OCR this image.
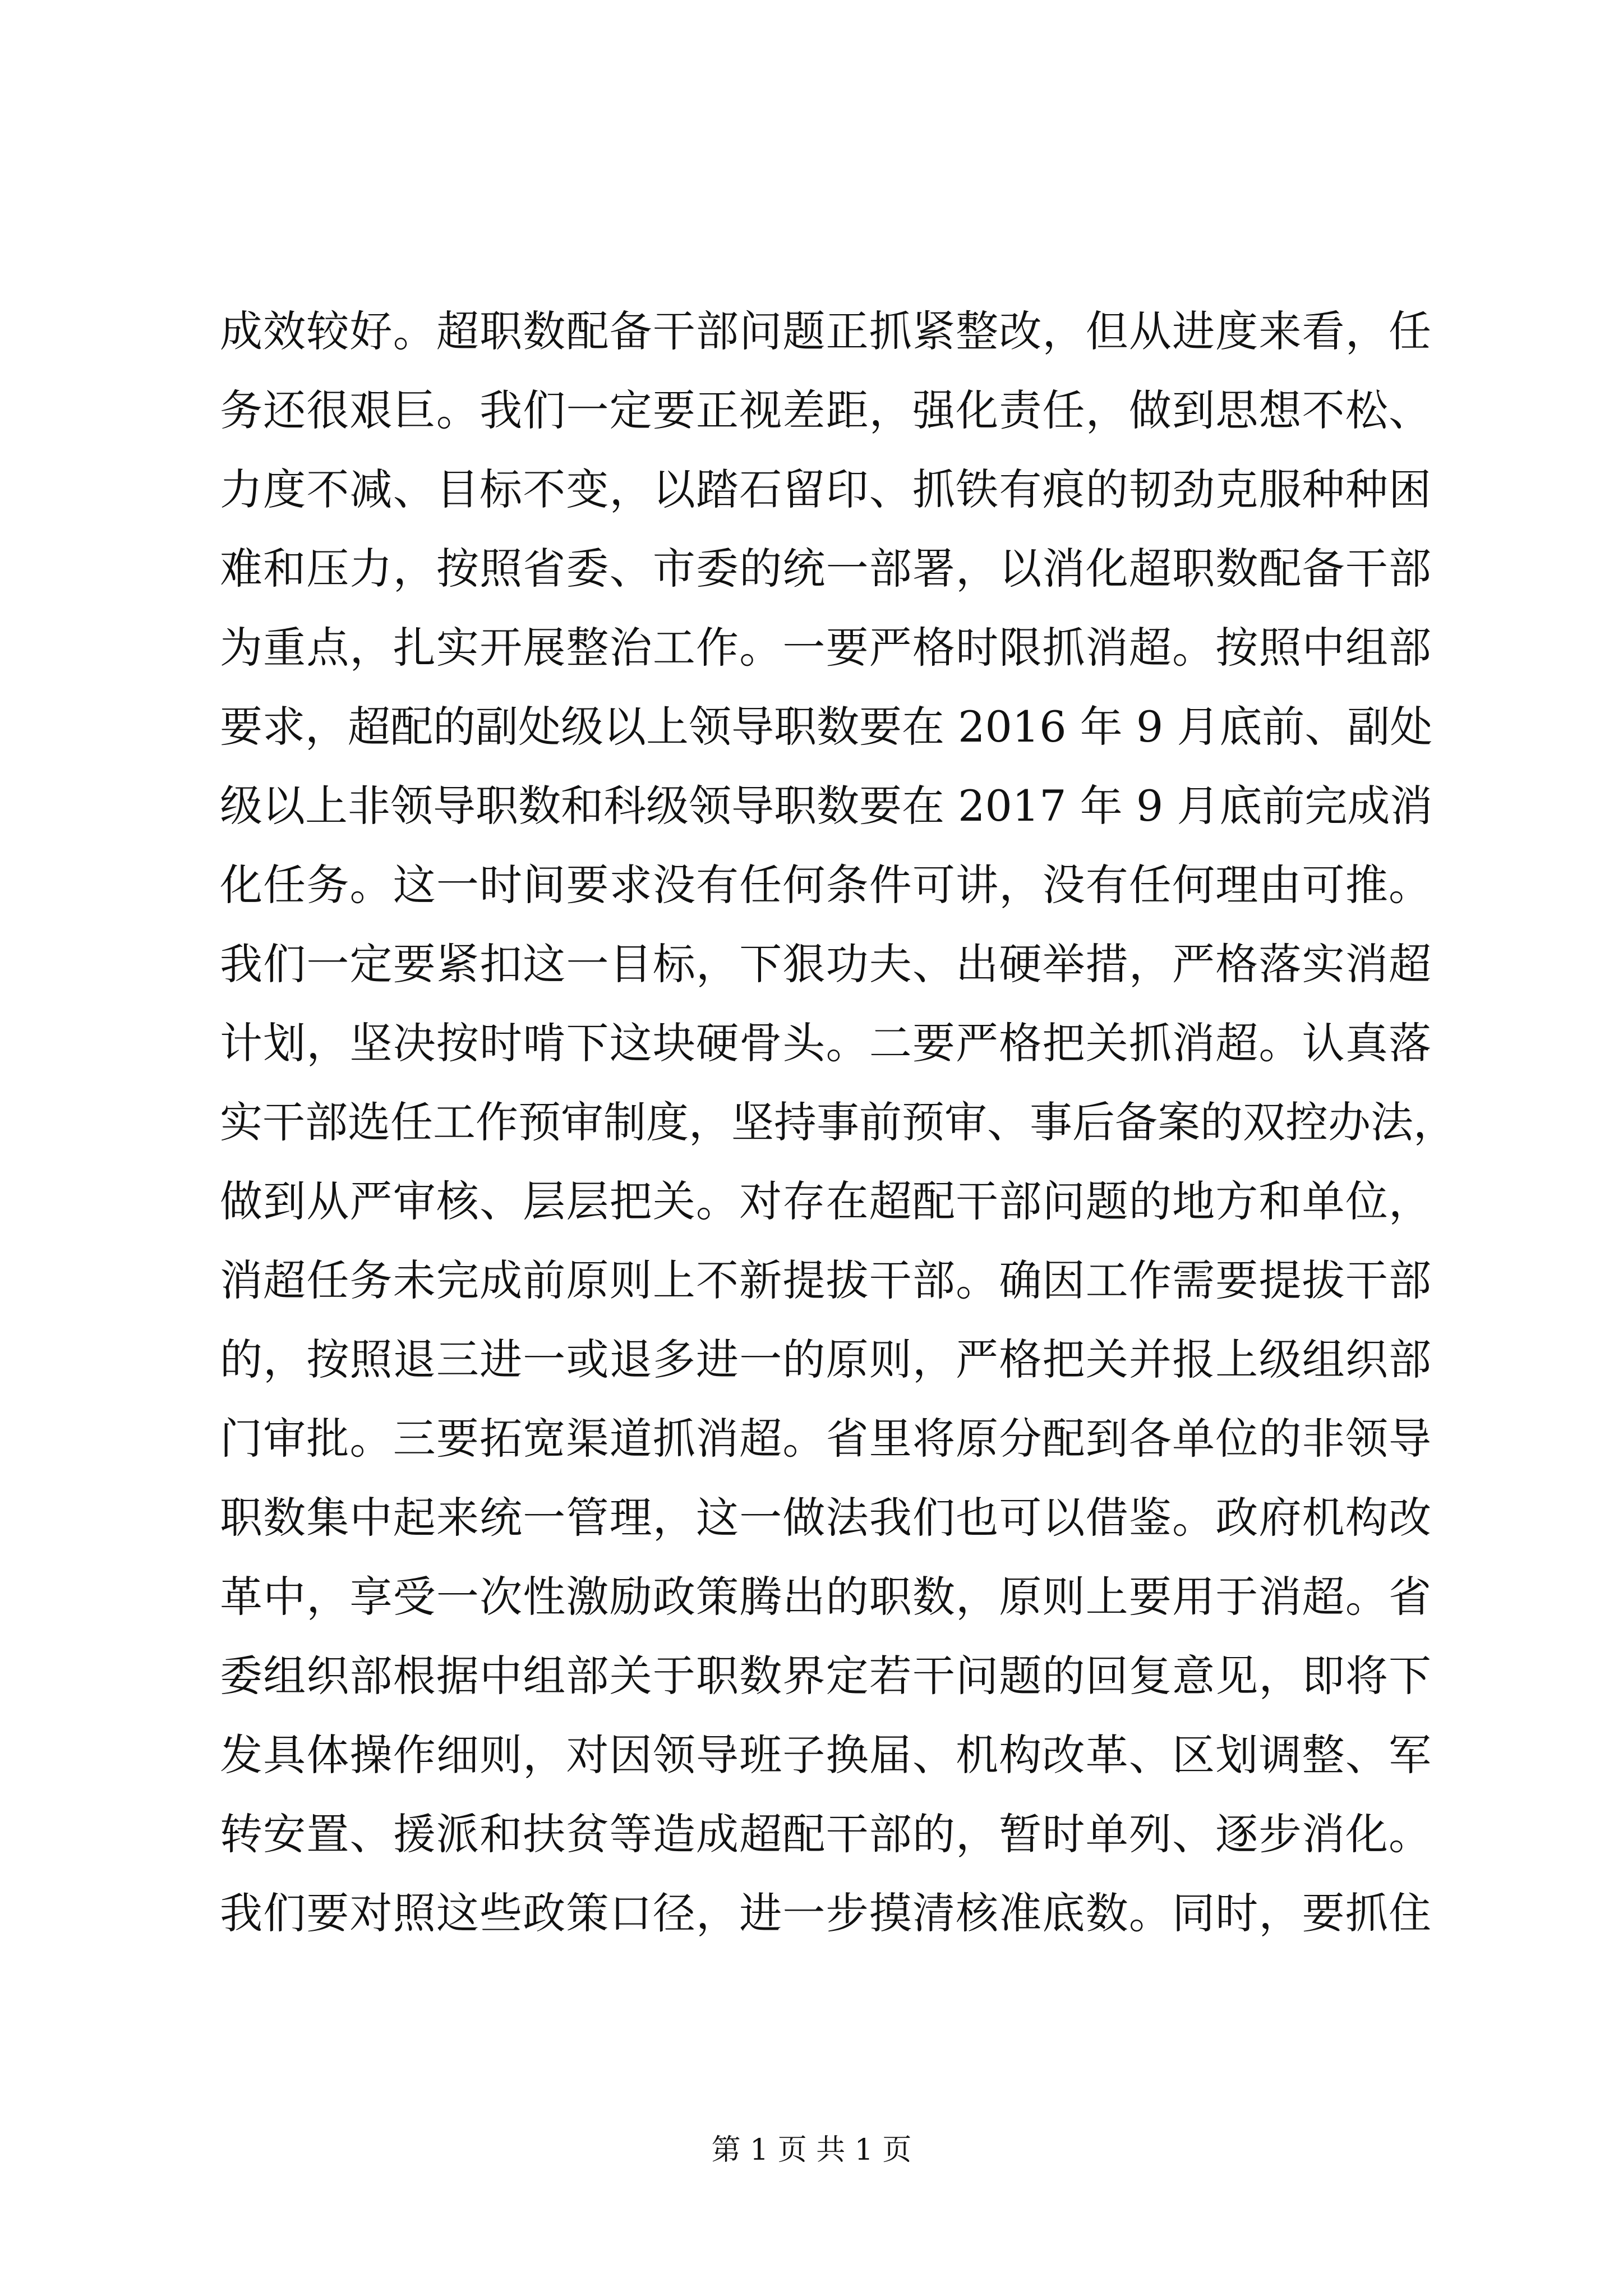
成效较好。超职数配备干部问题正抓紧整改，但从进度来看，任
务还很艰巨。我们一定要正视差距，强化责任，做到思想不松、
力度不减、目标不变，以踏石留印、抓铁有痕的韧劲克服种种困
难和压力，按照省委、市委的统一部署，以消化超职数配备干部
为重点，扎实开展整治工作。一要严格时限抓消超。按照中组部
要求，超配的副处级以上领导职数要在 2016 年 9 月底前、副处
级以上非领导职数和科级领导职数要在 2017 年 9 月底前完成消
化任务。这一时间要求没有任何条件可讲，没有任何理由可推。
我们一定要紧扣这一目标，下狠功夫、出硬举措，严格落实消超
计划，坚决按时啃下这块硬骨头。二要严格把关抓消超。认真落
实干部选任工作预审制度，坚持事前预审、事后备案的双控办法，
做到从严审核、层层把关。对存在超配干部问题的地方和单位，
消超任务未完成前原则上不新提拔干部。确因工作需要提拔干部
的，按照退三进一或退多进一的原则，严格把关并报上级组织部
门审批。三要拓宽渠道抓消超。省里将原分配到各单位的非领导
职数集中起来统一管理，这一做法我们也可以借鉴。政府机构改
革中，享受一次性激励政策腾出的职数，原则上要用于消超。省
委组织部根据中组部关于职数界定若干问题的回复意见，即将下
发具体操作细则，对因领导班子换届、机构改革、区划调整、军
转安置、援派和扶贫等造成超配干部的，暂时单列、逐步消化。
我们要对照这些政策口径，进一步摸清核准底数。同时，要抓住
第 1 页 共 1 页
